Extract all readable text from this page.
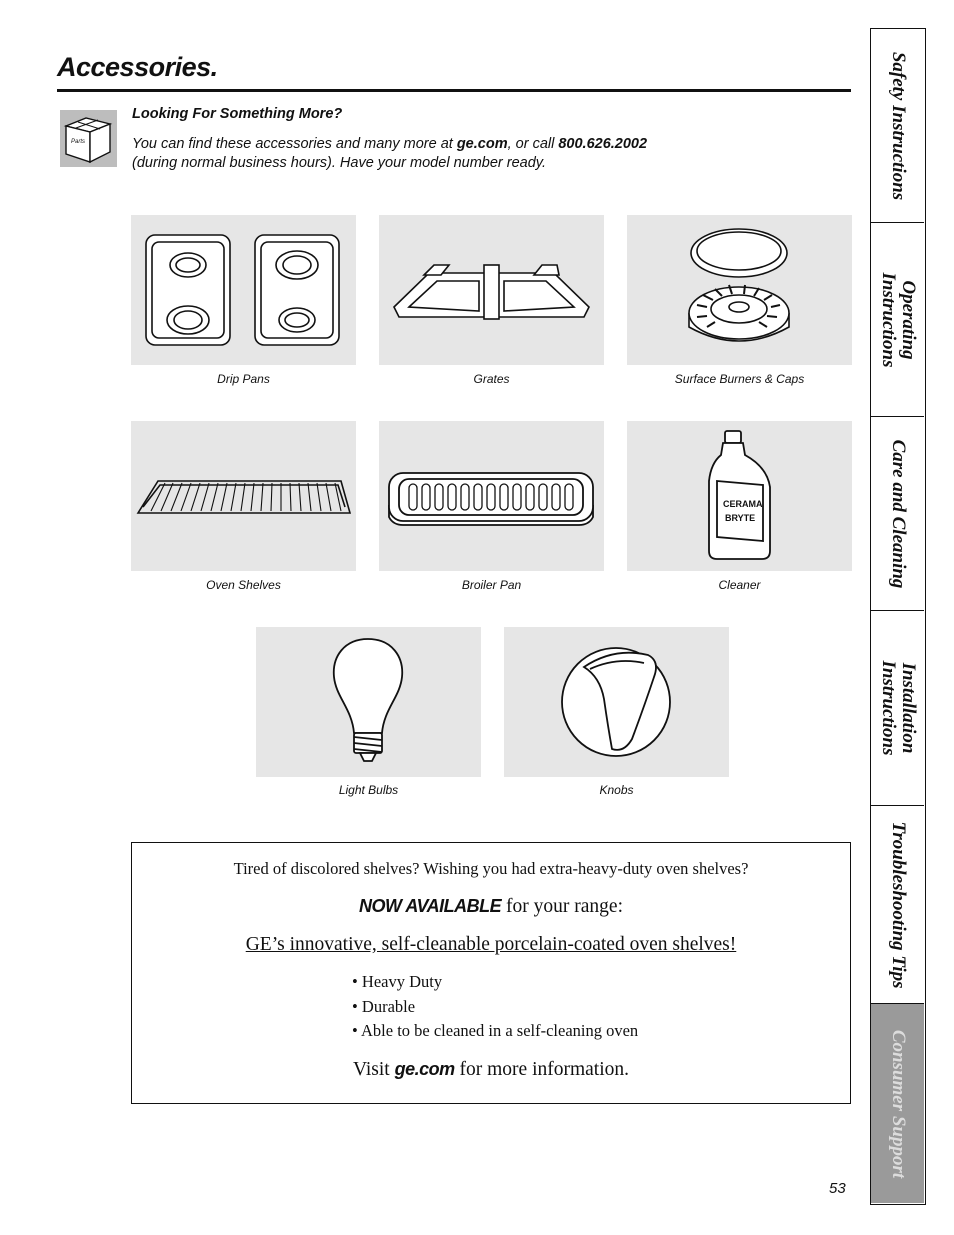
Accessories.
Parts
Looking For Something More?
You can find these accessories and many more at ge.com, or call 800.626.2002
(during normal business hours). Have your model number ready.
Drip Pans	Grates	Surface Burners & Caps
Oven Shelves	Broiler Pan
CERAMA
BRYTE
Cleaner
Light Bulbs	Knobs
Tired of discolored shelves? Wishing you had extra-heavy-duty oven shelves?
NOW AVAILABLE for your range:
GE’s innovative, self-cleanable porcelain-coated oven shelves!
• Heavy Duty
• Durable
• Able to be cleaned in a self-cleaning oven
Visit ge.com for more information.
53
Safety Instructions
Operating
Instructions
Care and Cleaning
Installation
Instructions
Troubleshooting Tips
Consumer Support
